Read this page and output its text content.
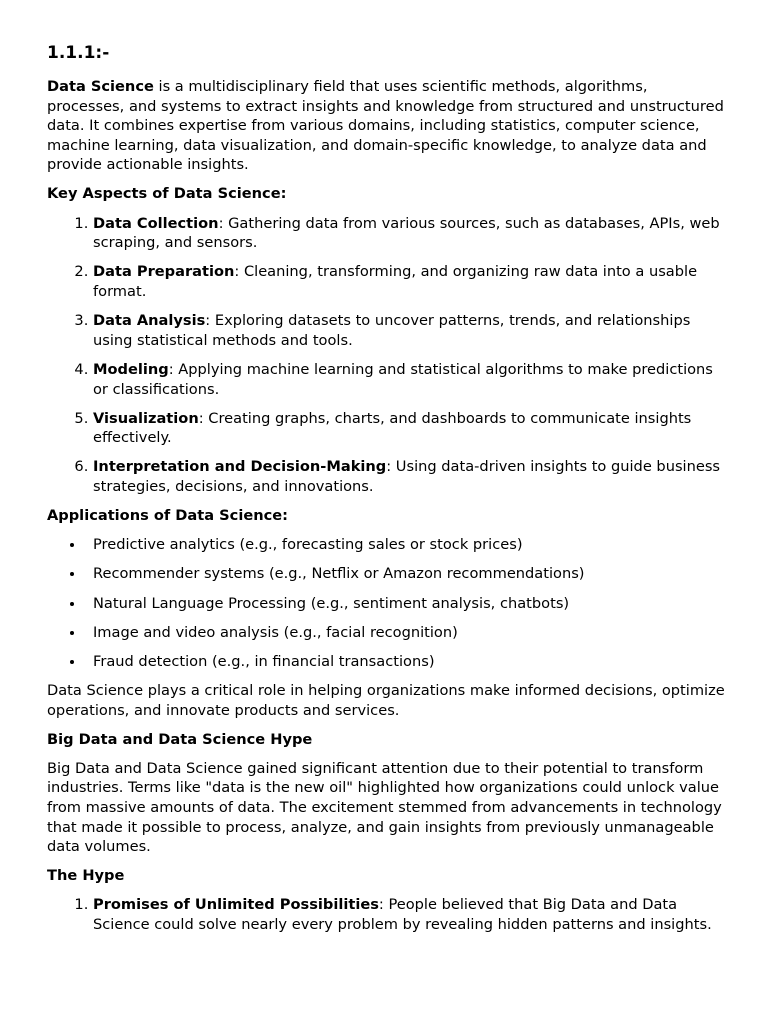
1.1.1:-

Data Science is a multidisciplinary field that uses scientific methods, algorithms, processes, and systems to extract insights and knowledge from structured and unstructured data. It combines expertise from various domains, including statistics, computer science, machine learning, data visualization, and domain-specific knowledge, to analyze data and provide actionable insights.

Key Aspects of Data Science:
1. Data Collection: Gathering data from various sources, such as databases, APIs, web scraping, and sensors.
2. Data Preparation: Cleaning, transforming, and organizing raw data into a usable format.
3. Data Analysis: Exploring datasets to uncover patterns, trends, and relationships using statistical methods and tools.
4. Modeling: Applying machine learning and statistical algorithms to make predictions or classifications.
5. Visualization: Creating graphs, charts, and dashboards to communicate insights effectively.
6. Interpretation and Decision-Making: Using data-driven insights to guide business strategies, decisions, and innovations.
Applications of Data Science:
Predictive analytics (e.g., forecasting sales or stock prices)
Recommender systems (e.g., Netflix or Amazon recommendations)
Natural Language Processing (e.g., sentiment analysis, chatbots)
Image and video analysis (e.g., facial recognition)
Fraud detection (e.g., in financial transactions)

Data Science plays a critical role in helping organizations make informed decisions, optimize operations, and innovate products and services.

Big Data and Data Science Hype

Big Data and Data Science gained significant attention due to their potential to transform industries. Terms like "data is the new oil" highlighted how organizations could unlock value from massive amounts of data. The excitement stemmed from advancements in technology that made it possible to process, analyze, and gain insights from previously unmanageable data volumes.

The Hype
1. Promises of Unlimited Possibilities: People believed that Big Data and Data Science could solve nearly every problem by revealing hidden patterns and insights.
